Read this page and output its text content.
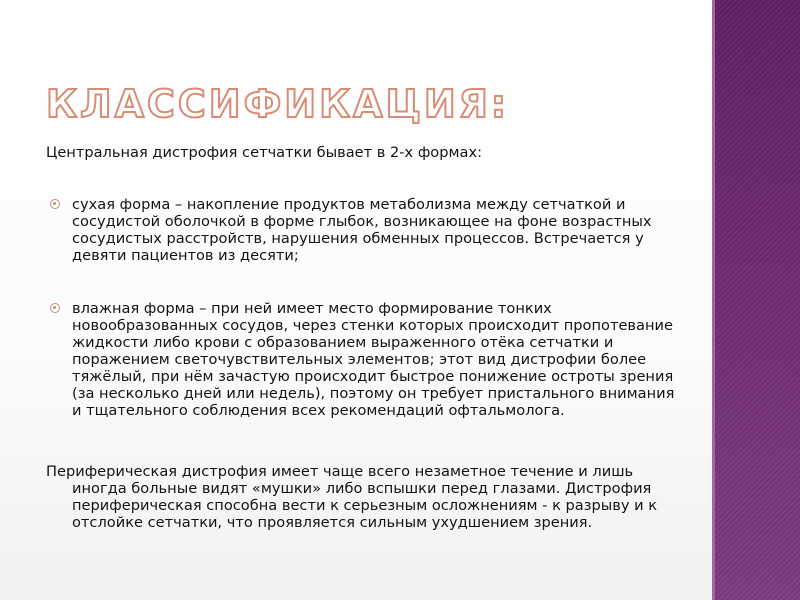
КЛАССИФИКАЦИЯ:

Центральная дистрофия сетчатки бывает в 2-х формах:

сухая форма – накопление продуктов метаболизма между сетчаткой и сосудистой оболочкой в форме глыбок, возникающее на фоне возрастных сосудистых расстройств, нарушения обменных процессов. Встречается у девяти пациентов из десяти;

влажная форма – при ней имеет место формирование тонких новообразованных сосудов, через стенки которых происходит пропотевание жидкости либо крови с образованием выраженного отёка сетчатки и поражением светочувствительных элементов; этот вид дистрофии более тяжёлый, при нём зачастую происходит быстрое понижение остроты зрения (за несколько дней или недель), поэтому он требует пристального внимания и тщательного соблюдения всех рекомендаций офтальмолога.

Периферическая дистрофия имеет чаще всего незаметное течение и лишь иногда больные видят «мушки» либо вспышки перед глазами. Дистрофия периферическая способна вести к серьезным осложнениям - к разрыву и к отслойке сетчатки, что проявляется сильным ухудшением зрения.
